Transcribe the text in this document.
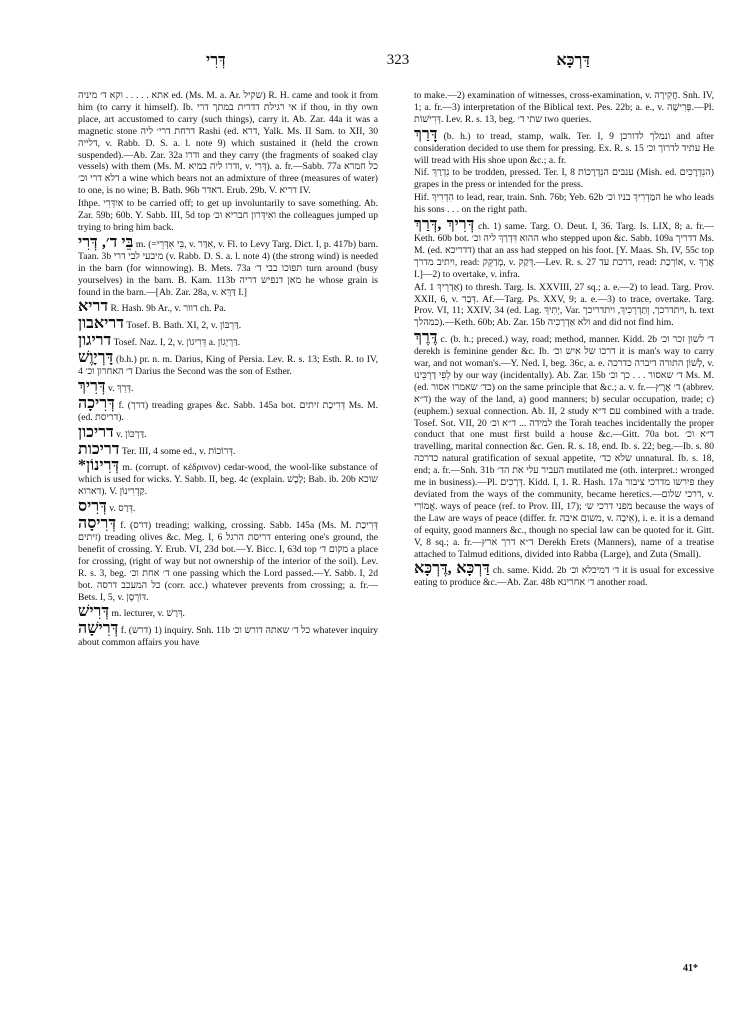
דְּרִי	323	דַּרְכָּא

אתא . . . . . וקא ד׳ מיניה ed. (Ms. M. a. Ar. שקיל) R. H. came and took it from him (to carry it himself). Ib. אי רגילת דדרית במתך דרי if thou, in thy own place, art accustomed to carry (such things), carry it. Ab. Zar. 44a it was a magnetic stone דרחת דרי׳ ליה Rashi (ed. דרא, Yalk. Ms. II Sam. to XII, 30 דלייה, v. Rabb. D. S. a. l. note 9) which sustained it (held the crown suspended).—Ab. Zar. 32a ודרו and they carry (the fragments of soaked clay vessels) with them (Ms. M. ודרו ליה במיא, v. דְּרִי). a. fr.—Sabb. 77a כל חמרא דלא דרי וכ׳ a wine which bears not an admixture of three (measures of water) to one, is no wine; B. Bath. 96b דאדר. Erub. 29b. V. דריא IV.

Ithpe. איִדְּרִי to be carried off; to get up involuntarily to save something. Ab. Zar. 59b; 60b. Y. Sabb. III, 5d top ואִידְּרון חבריא וכ׳ the colleagues jumped up trying to bring him back.

בֵּי ד׳, דְּרִי m. (=בֵּי אִדְּרֵי, v. אִדַּר, v. Fl. to Levy Targ. Dict. I, p. 417b) barn. Taan. 3b מיבעי לבי דרי (v. Rabb. D. S. a. l. note 4) (the strong wind) is needed in the barn (for winnowing). B. Mets. 73a תפוכו בבי ד׳ turn around (busy yourselves) in the barn. B. Kam. 113b מאן דנפיש דריה he whose grain is found in the barn.—[Ab. Zar. 28a, v. דַּרָּא I.]

דריא R. Hash. 9b Ar., v. דוור ch. Pa.

דריאבון Tosef. B. Bath. XI, 2, v. דַּרְבּוֹן.

דריגון Tosef. Naz. I, 2, v. דְּרִיגוֹן a. דַּרְיְגוֹן.

דָּרְיָוֶשׁ (b.h.) pr. n. m. Darius, King of Persia. Lev. R. s. 13; Esth. R. to IV, 4 ד׳ האחרון וכ׳ Darius the Second was the son of Esther.

דְּרִיךְ v. דְּרֵךְ.

דְּרִיכָה f. (דרך) treading grapes &c. Sabb. 145a bot. דְּרִיכַת זיתים Ms. M. (ed. דריסת).

דריכון v. דַּרְכּוֹן.

דריכות Ter. III, 4 some ed., v. דְּרוֹכוֹת.

*דְּרִינוֹן m. (corrupt. of κέδρινον) cedar-wood, the wool-like substance of which is used for wicks. Y. Sabb. II, beg. 4c (explain. לֶכֶשׁ; Bab. ib. 20b שוכא דארוא). V. קַדְרִינוֹן.

דְּרִיס v. דְּרַס.

דְּרִיסָה f. (דרס) treading; walking, crossing. Sabb. 145a (Ms. M. דְּרִיכַת זיתים) treading olives &c. Meg. I, 6 דריסת הרגל entering one's ground, the benefit of crossing. Y. Erub. VI, 23d bot.—Y. Bicc. I, 63d top מקום ד׳ a place for crossing, (right of way but not ownership of the interior of the soil). Lev. R. s. 3, beg. ד׳ אחת וכ׳ one passing which the Lord passed.—Y. Sabb. I, 2d bot. כל המעכב דרסה (corr. acc.) whatever prevents from crossing; a. fr.—Bets. I, 5, v. דּוֹרְסָן.

דְּרִישׁ m. lecturer, v. דְּרַשׁ.

דְּרִישָׁה f. (דרש) 1) inquiry. Snh. 11b כל ד׳ שאתה דורש וכ׳ whatever inquiry about common affairs you have

to make.—2) examination of witnesses, cross-examination, v. חֲקִירָה. Snh. IV, 1; a. fr.—3) interpretation of the Biblical text. Pes. 22b; a. e., v. פְּרִישָׁה.—Pl. דְּרִישׁוֹת. Lev. R. s. 13, beg. שתי ד׳ two queries.

דָּרַךְ (b. h.) to tread, stamp, walk. Ter. I, 9 ונמלך לדורכן and after consideration decided to use them for pressing. Ex. R. s. 15 עתיד לדרוך וכ׳ He will tread with His shoe upon &c.; a. fr.

Nif. נִדְרַךְ to be trodden, pressed. Ter. I, 8 ענבים הנִדְרָכוֹת (Mish. ed. הנִדְרָכִים) grapes in the press or intended for the press.

Hif. הִדְרִיךְ to lead, rear, train. Snh. 76b; Yeb. 62b המַדְרִיךְ בניו וכ׳ he who leads his sons . . . on the right path.

דְּרִיךְ ,דְּרַךְ ch. 1) same. Targ. O. Deut. I, 36. Targ. Is. LIX, 8; a. fr.—Keth. 60b bot. ההוא דִּדְרַךְ ליה וכ׳ who stepped upon &c. Sabb. 109a דדריך Ms. M. (ed. דדריכא) that an ass had stepped on his foot. [Y. Maas. Sh. IV, 55c top ויתיב מדרך, read: מְדַקֵּק, v. דְּקַק.—Lev. R. s. 27 דרכת עד, read: אוֹרְכַת, v. אֲרַךְ I.]—2) to overtake, v. infra.

Af. אַדְרֵיךְ 1) to thresh. Targ. Is. XXVIII, 27 sq.; a. e.—2) to lead. Targ. Prov. XXII, 6, v. דְּבַר. Af.—Targ. Ps. XXV, 9; a. e.—3) to trace, overtake. Targ. Prov. VI, 11; XXIV, 34 (ed. Lag. יְתִיךְ, Var. ויתדרכך, וְתַדְרְכִיךְ, ויתדריכך, h. text כמהלך).—Keth. 60b; Ab. Zar. 15b ולא אַדְרְכִיה and did not find him.

דֶּרֶךְ c. (b. h.; preced.) way, road; method, manner. Kidd. 2b ד׳ לשון זכר וכ׳ derekh is feminine gender &c. Ib. דרכו של איש וכ׳ it is man's way to carry war, and not woman's.—Y. Ned. I, beg. 36c, a. e. לָשׁוֹן התורה דיברה כדרכה, v. לְפִי דַרְכֵּינוּ by our way (incidentally). Ab. Zar. 15b ד׳ שאסור . . . כך וכ׳ Ms. M. (ed. כד׳ שאמרו אסור) on the same principle that &c.; a. v. fr.—ד׳ אֶרֶץ (abbrev. ד״א) the way of the land, a) good manners; b) secular occupation, trade; c) (euphem.) sexual connection. Ab. II, 2 study עם ד״א combined with a trade. Tosef. Sot. VII, 20 למידה ... ד״א וכ׳ the Torah teaches incidentally the proper conduct that one must first build a house &c.—Gitt. 70a bot. ד״א וכ׳ travelling, marital connection &c. Gen. R. s. 18, end. Ib. s. 22; beg.—Ib. s. 80 כדרכה natural gratification of sexual appetite, שלא כד׳ unnatural. Ib. s. 18, end; a. fr.—Snh. 31b העביר עלי את הד׳ mutilated me (oth. interpret.: wronged me in business).—Pl. דְּרָכִים. Kidd. I, 1. R. Hash. 17a פירשו מדרכי ציבור they deviated from the ways of the community, became heretics.—דרכי שלום, v. אֱמוֹרִי. ways of peace (ref. to Prov. III, 17); מפני דרכי ש׳ because the ways of the Law are ways of peace (differ. fr. משום איבה, v. אֵיבָה), i. e. it is a demand of equity, good manners &c., though no special law can be quoted for it. Gitt. V, 8 sq.; a. fr.—ד״א דרך ארץ Derekh Erets (Manners), name of a treatise attached to Talmud editions, divided into Rabba (Large), and Zuta (Small).

דַּרְכָּא ,דֶּרְכָּא ch. same. Kidd. 2b ד׳ דמיכלא וכ׳ it is usual for excessive eating to produce &c.—Ab. Zar. 48b ד׳ אחרינא another road.

41*
